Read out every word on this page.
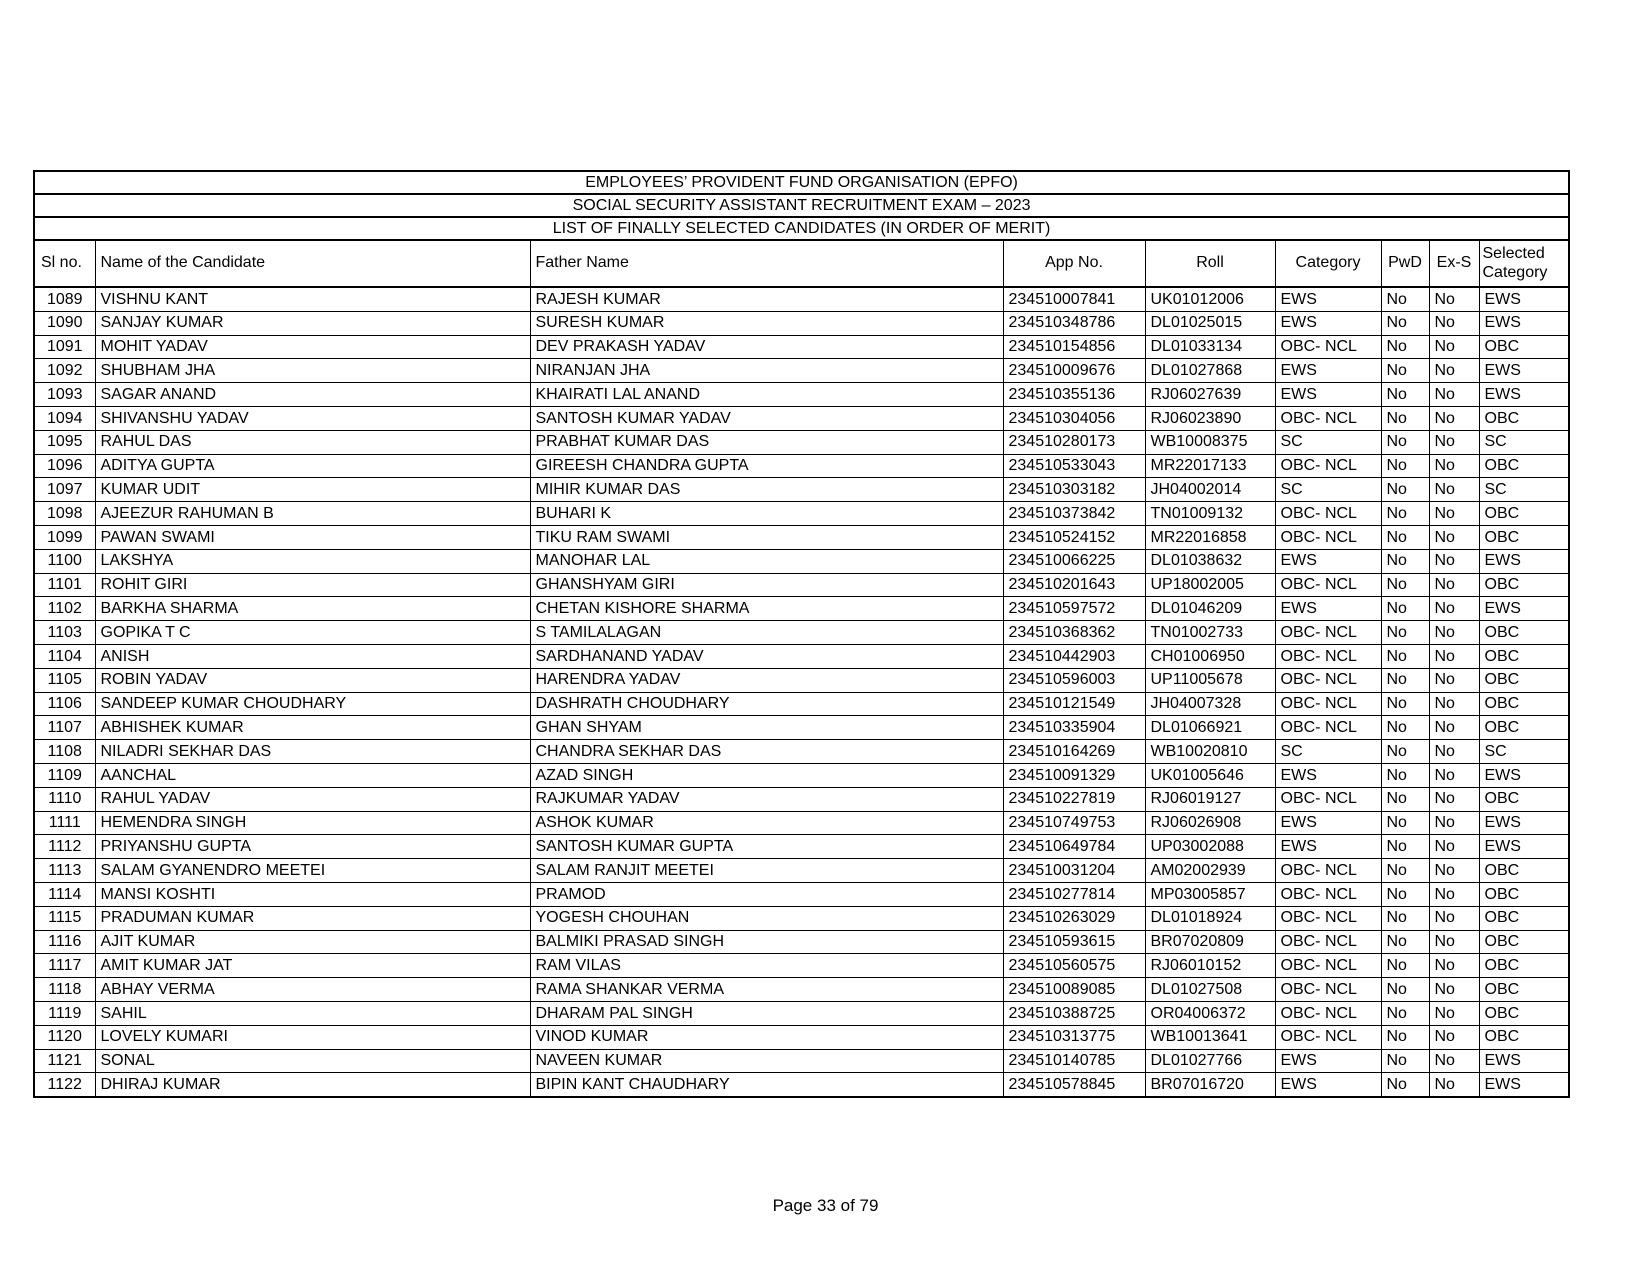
EMPLOYEES’ PROVIDENT FUND ORGANISATION (EPFO)								
SOCIAL SECURITY ASSISTANT RECRUITMENT EXAM – 2023								
LIST OF FINALLY SELECTED CANDIDATES (IN ORDER OF MERIT)								
Sl no.	Name of the Candidate	Father Name	App No.	Roll	Category	PwD	Ex-S	Selected Category
1089	VISHNU KANT	RAJESH KUMAR	234510007841	UK01012006	EWS	No	No	EWS
1090	SANJAY KUMAR	SURESH KUMAR	234510348786	DL01025015	EWS	No	No	EWS
1091	MOHIT YADAV	DEV PRAKASH YADAV	234510154856	DL01033134	OBC- NCL	No	No	OBC
1092	SHUBHAM JHA	NIRANJAN JHA	234510009676	DL01027868	EWS	No	No	EWS
1093	SAGAR ANAND	KHAIRATI LAL ANAND	234510355136	RJ06027639	EWS	No	No	EWS
1094	SHIVANSHU YADAV	SANTOSH KUMAR YADAV	234510304056	RJ06023890	OBC- NCL	No	No	OBC
1095	RAHUL DAS	PRABHAT KUMAR DAS	234510280173	WB10008375	SC	No	No	SC
1096	ADITYA GUPTA	GIREESH CHANDRA GUPTA	234510533043	MR22017133	OBC- NCL	No	No	OBC
1097	KUMAR UDIT	MIHIR KUMAR DAS	234510303182	JH04002014	SC	No	No	SC
1098	AJEEZUR RAHUMAN B	BUHARI K	234510373842	TN01009132	OBC- NCL	No	No	OBC
1099	PAWAN SWAMI	TIKU RAM SWAMI	234510524152	MR22016858	OBC- NCL	No	No	OBC
1100	LAKSHYA	MANOHAR LAL	234510066225	DL01038632	EWS	No	No	EWS
1101	ROHIT GIRI	GHANSHYAM GIRI	234510201643	UP18002005	OBC- NCL	No	No	OBC
1102	BARKHA SHARMA	CHETAN KISHORE SHARMA	234510597572	DL01046209	EWS	No	No	EWS
1103	GOPIKA T C	S TAMILALAGAN	234510368362	TN01002733	OBC- NCL	No	No	OBC
1104	ANISH	SARDHANAND YADAV	234510442903	CH01006950	OBC- NCL	No	No	OBC
1105	ROBIN YADAV	HARENDRA YADAV	234510596003	UP11005678	OBC- NCL	No	No	OBC
1106	SANDEEP KUMAR CHOUDHARY	DASHRATH CHOUDHARY	234510121549	JH04007328	OBC- NCL	No	No	OBC
1107	ABHISHEK KUMAR	GHAN SHYAM	234510335904	DL01066921	OBC- NCL	No	No	OBC
1108	NILADRI SEKHAR DAS	CHANDRA SEKHAR DAS	234510164269	WB10020810	SC	No	No	SC
1109	AANCHAL	AZAD SINGH	234510091329	UK01005646	EWS	No	No	EWS
1110	RAHUL YADAV	RAJKUMAR YADAV	234510227819	RJ06019127	OBC- NCL	No	No	OBC
1111	HEMENDRA SINGH	ASHOK KUMAR	234510749753	RJ06026908	EWS	No	No	EWS
1112	PRIYANSHU GUPTA	SANTOSH KUMAR GUPTA	234510649784	UP03002088	EWS	No	No	EWS
1113	SALAM GYANENDRO MEETEI	SALAM RANJIT MEETEI	234510031204	AM02002939	OBC- NCL	No	No	OBC
1114	MANSI KOSHTI	PRAMOD	234510277814	MP03005857	OBC- NCL	No	No	OBC
1115	PRADUMAN KUMAR	YOGESH CHOUHAN	234510263029	DL01018924	OBC- NCL	No	No	OBC
1116	AJIT KUMAR	BALMIKI PRASAD SINGH	234510593615	BR07020809	OBC- NCL	No	No	OBC
1117	AMIT KUMAR JAT	RAM VILAS	234510560575	RJ06010152	OBC- NCL	No	No	OBC
1118	ABHAY VERMA	RAMA SHANKAR VERMA	234510089085	DL01027508	OBC- NCL	No	No	OBC
1119	SAHIL	DHARAM PAL SINGH	234510388725	OR04006372	OBC- NCL	No	No	OBC
1120	LOVELY KUMARI	VINOD KUMAR	234510313775	WB10013641	OBC- NCL	No	No	OBC
1121	SONAL	NAVEEN KUMAR	234510140785	DL01027766	EWS	No	No	EWS
1122	DHIRAJ KUMAR	BIPIN KANT CHAUDHARY	234510578845	BR07016720	EWS	No	No	EWS
Page 33 of 79
